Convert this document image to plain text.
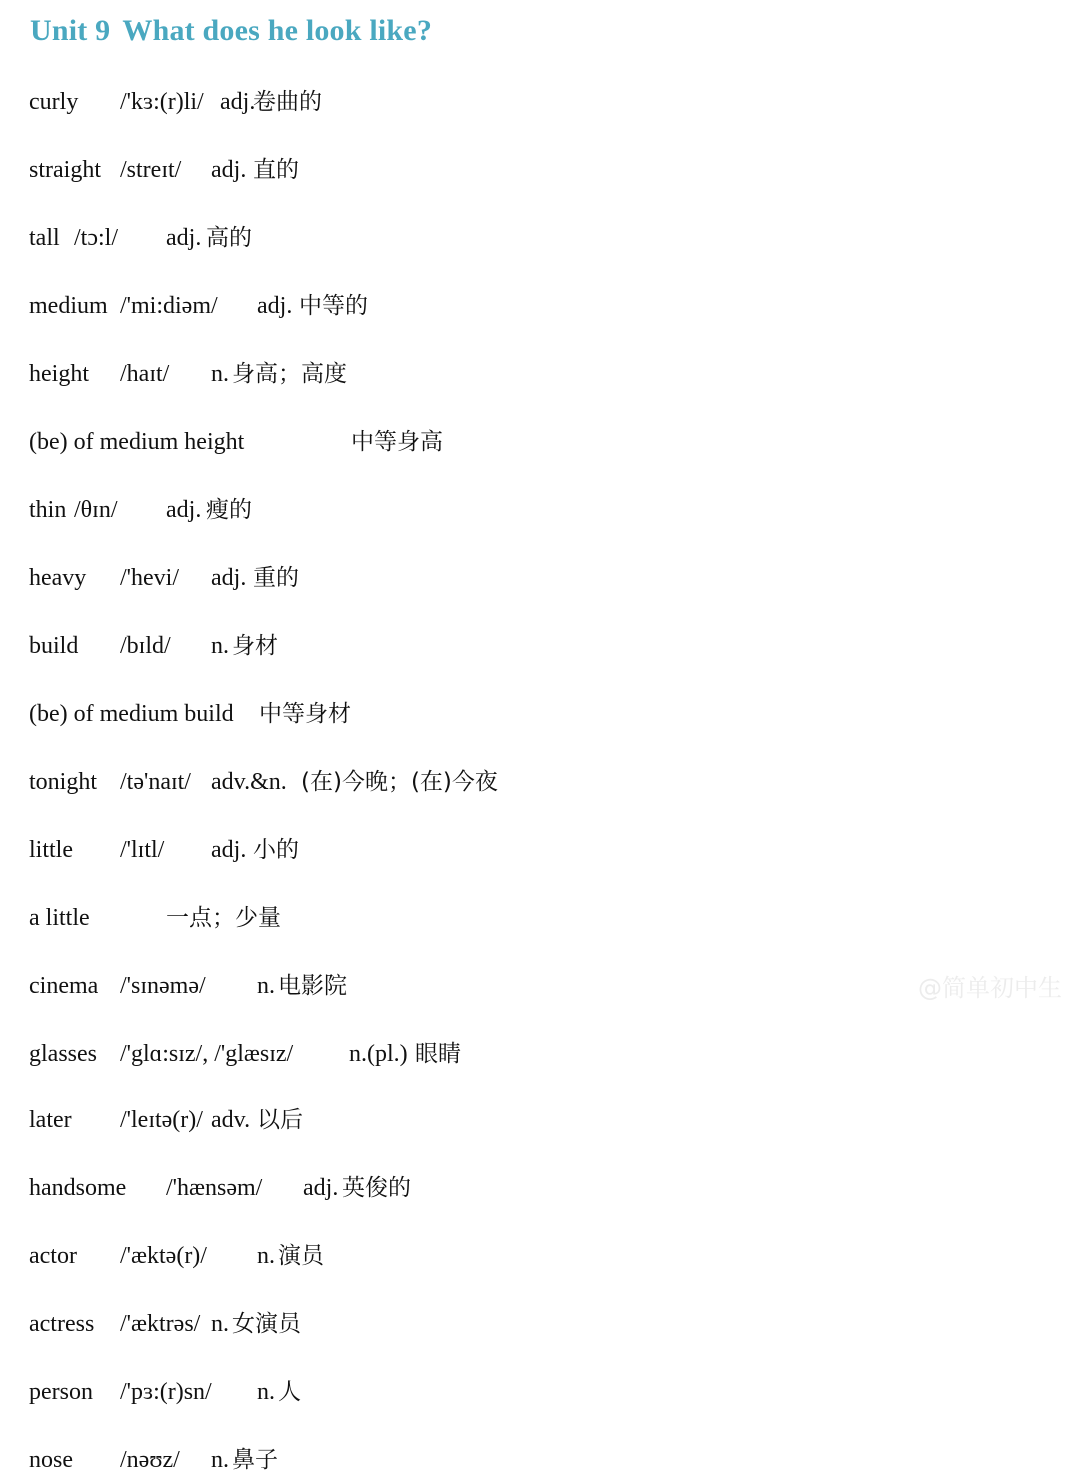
Unit 9 What does he look like?
curly /'kɜ:(r)li/ adj.
卷曲的
straight /streɪt/ adj. 直的
tall /tɔ:l/ adj. 高的
medium /'mi:diəm/ adj. 中等的
height /haɪt/ n. 身高；高度
(be) of medium height	中等身高
thin /θɪn/ adj. 瘦的
heavy /'hevi/ adj. 重的
build /bɪld/ n. 身材
(be) of medium build 中等身材
tonight /tə'naɪt/ adv.&n. (在)今晚；(在)今夜
little /'lɪtl/ adj. 小的
a little	一点；少量
cinema /'sɪnəmə/ n. 电影院
glasses /'glɑ:sɪz/, /'glæsɪz/ n.(pl.) 眼睛
later /'leɪtə(r)/ adv. 以后
handsome /'hænsəm/ adj. 英俊的
actor /'æktə(r)/ n. 演员
actress /'æktrəs/ n. 女演员
person /'pɜ:(r)sn/ n. 人
nose /nəʊz/ n. 鼻子
@简单初中生
